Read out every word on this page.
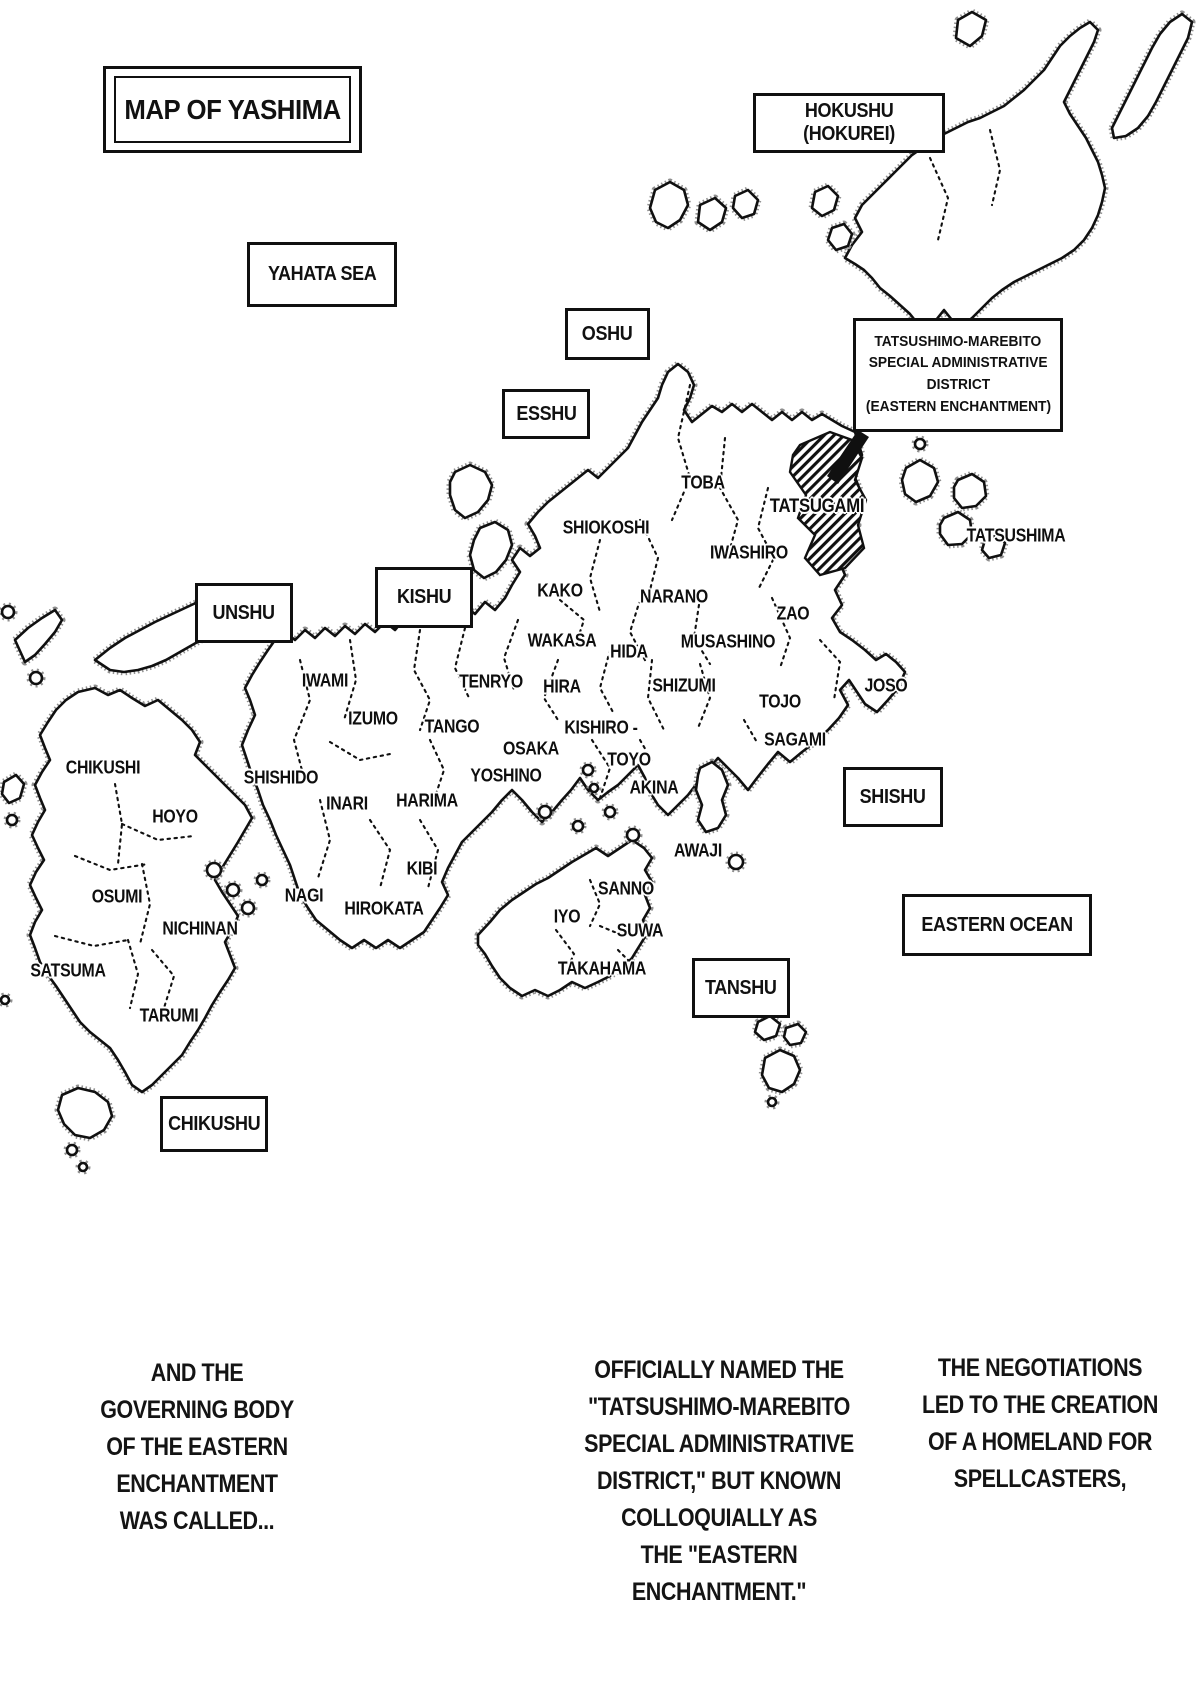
MAP OF YASHIMA
TATSUSHIMO-MAREBITO
SPECIAL ADMINISTRATIVE
DISTRICT
(EASTERN ENCHANTMENT)
YAHATA SEA
HOKUSHU
(HOKUREI)
OSHU
ESSHU
UNSHU
KISHU
SHISHU
EASTERN OCEAN
TANSHU
CHIKUSHU
TOBA
TATSUGAMI
SHIOKOSHI
IWASHIRO
TATSUSHIMA
KAKO	NARANO
ZAO
WAKASA
HIDA MUSASHINO
SHIZUMI
TOJO
JOSO
HIRA
KISHIRO -
SAGAMI
TENRYO
IZUMO TANGO
IWAMI
OSAKA
TOYO
AKINA
YOSHINO
HARIMA
SHISHIDO
INARI
KIBI
NAGI
HIROKATA
AWAJI
SANNO
IYO
SUWA
TAKAHAMA
CHIKUSHI
HOYO
OSUMI
NICHINAN
SATSUMA
TARUMI
AND THE
GOVERNING BODY
OF THE EASTERN
ENCHANTMENT
WAS CALLED...
OFFICIALLY NAMED THE
"TATSUSHIMO-MAREBITO
SPECIAL ADMINISTRATIVE
DISTRICT," BUT KNOWN
COLLOQUIALLY AS
THE "EASTERN
ENCHANTMENT."
THE NEGOTIATIONS
LED TO THE CREATION
OF A HOMELAND FOR
SPELLCASTERS,
